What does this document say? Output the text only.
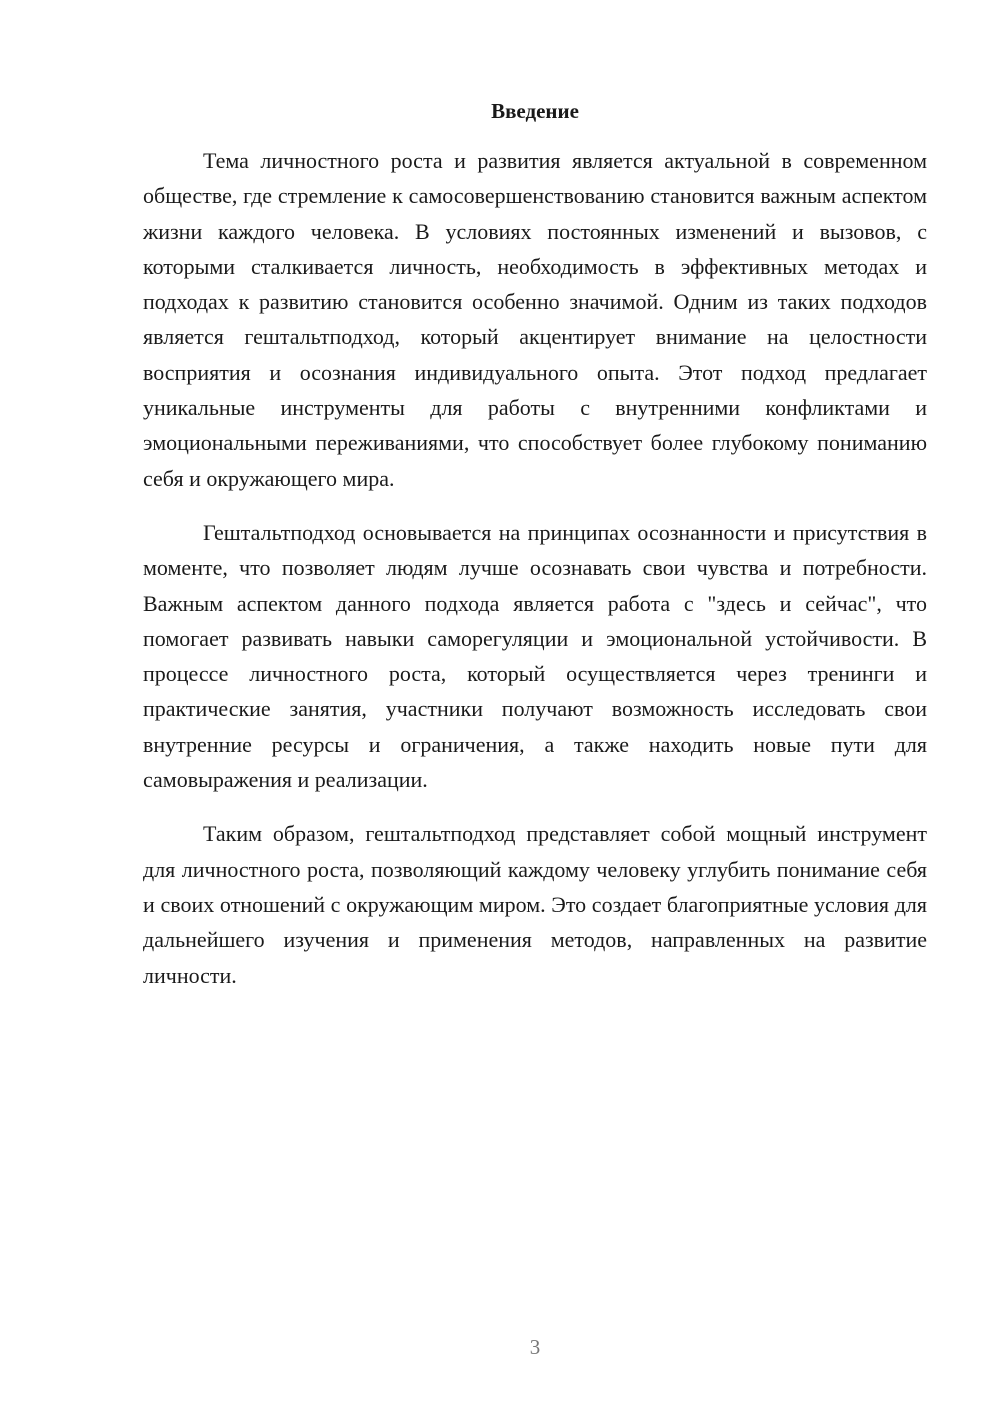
Введение

Тема личностного роста и развития является актуальной в современном обществе, где стремление к самосовершенствованию становится важным аспектом жизни каждого человека. В условиях постоянных изменений и вызовов, с которыми сталкивается личность, необходимость в эффективных методах и подходах к развитию становится особенно значимой. Одним из таких подходов является гештальтподход, который акцентирует внимание на целостности восприятия и осознания индивидуального опыта. Этот подход предлагает уникальные инструменты для работы с внутренними конфликтами и эмоциональными переживаниями, что способствует более глубокому пониманию себя и окружающего мира.

Гештальтподход основывается на принципах осознанности и присутствия в моменте, что позволяет людям лучше осознавать свои чувства и потребности. Важным аспектом данного подхода является работа с "здесь и сейчас", что помогает развивать навыки саморегуляции и эмоциональной устойчивости. В процессе личностного роста, который осуществляется через тренинги и практические занятия, участники получают возможность исследовать свои внутренние ресурсы и ограничения, а также находить новые пути для самовыражения и реализации.

Таким образом, гештальтподход представляет собой мощный инструмент для личностного роста, позволяющий каждому человеку углубить понимание себя и своих отношений с окружающим миром. Это создает благоприятные условия для дальнейшего изучения и применения методов, направленных на развитие личности.

3
